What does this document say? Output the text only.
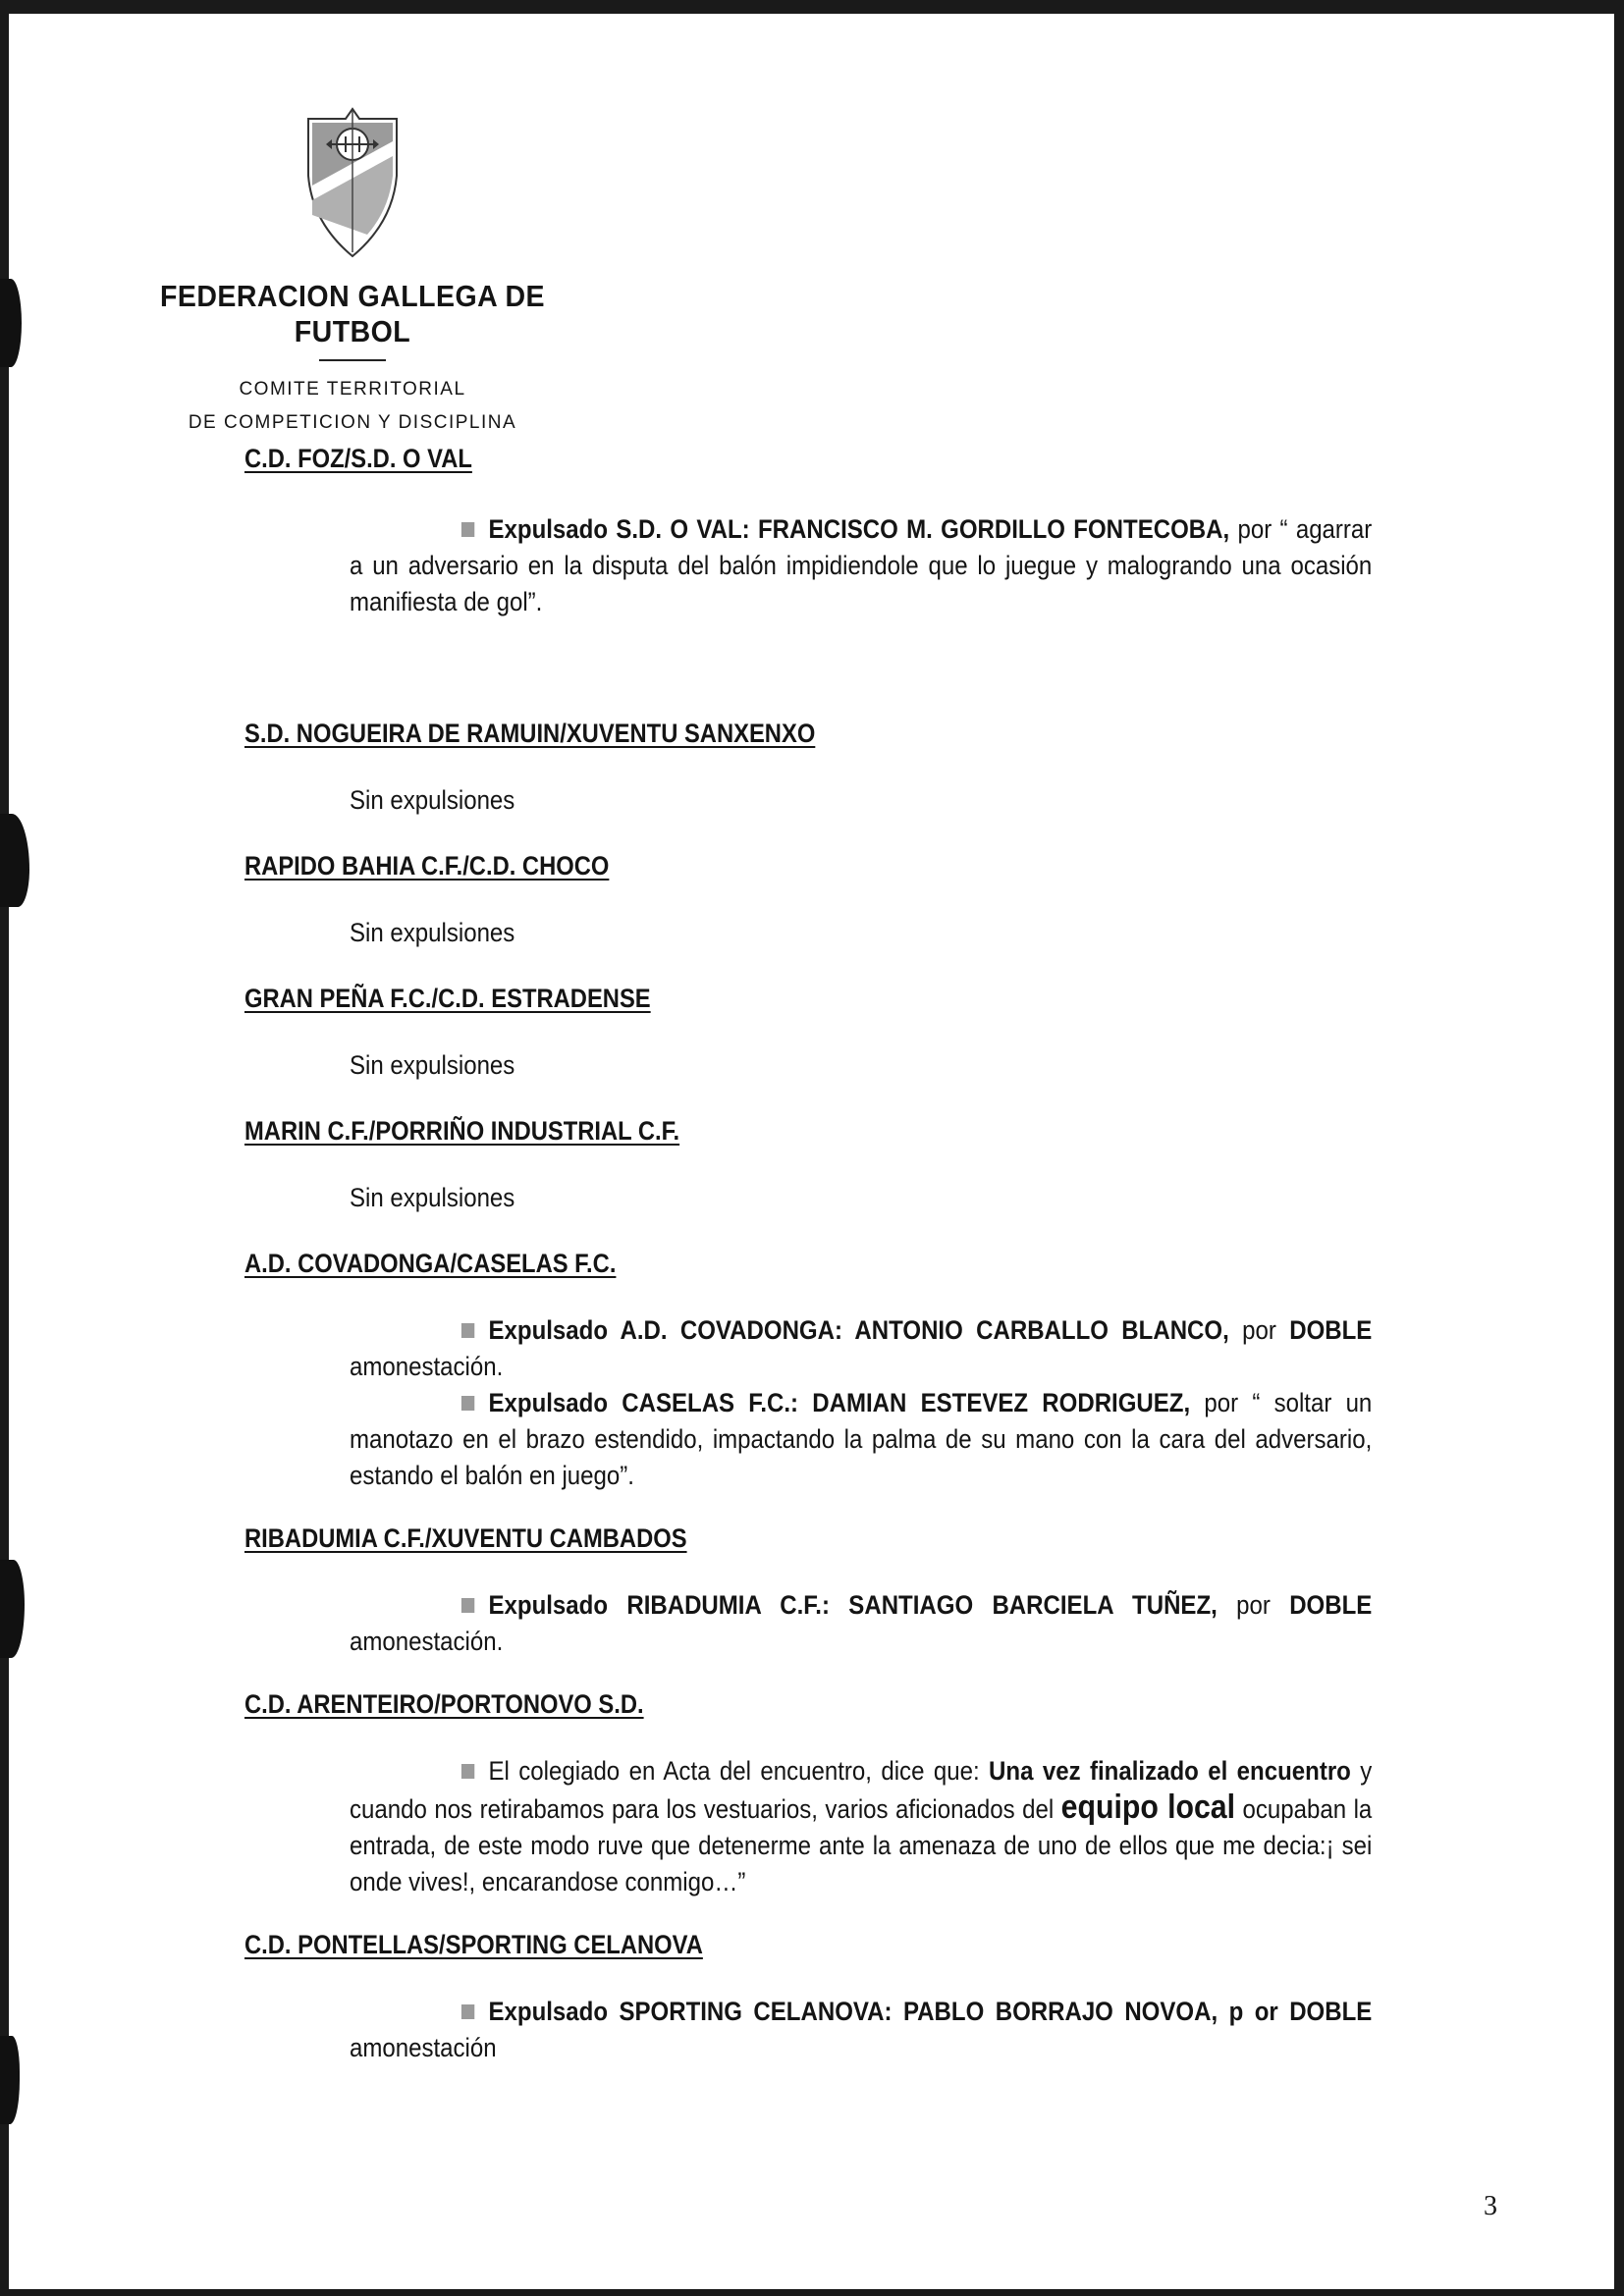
FEDERACION GALLEGA DE FUTBOL
COMITE TERRITORIAL
DE COMPETICION Y DISCIPLINA
C.D. FOZ/S.D. O VAL
Expulsado S.D. O VAL: FRANCISCO M. GORDILLO FONTECOBA, por “ agarrar a un adversario en la disputa del balón impidiendole que lo juegue y malogrando una ocasión manifiesta de gol”.
S.D. NOGUEIRA DE RAMUIN/XUVENTU SANXENXO
Sin expulsiones
RAPIDO BAHIA C.F./C.D. CHOCO
Sin expulsiones
GRAN PEÑA F.C./C.D. ESTRADENSE
Sin expulsiones
MARIN C.F./PORRIÑO INDUSTRIAL C.F.
Sin expulsiones
A.D. COVADONGA/CASELAS F.C.
Expulsado A.D. COVADONGA: ANTONIO CARBALLO BLANCO, por DOBLE amonestación.
Expulsado CASELAS F.C.: DAMIAN ESTEVEZ RODRIGUEZ, por “ soltar un manotazo en el brazo estendido, impactando la palma de su mano con la cara del adversario, estando el balón en juego”.
RIBADUMIA C.F./XUVENTU CAMBADOS
Expulsado RIBADUMIA C.F.: SANTIAGO BARCIELA TUÑEZ, por DOBLE amonestación.
C.D. ARENTEIRO/PORTONOVO S.D.
El colegiado en Acta del encuentro, dice que: Una vez finalizado el encuentro y cuando nos retirabamos para los vestuarios, varios aficionados del equipo local ocupaban la entrada, de este modo ruve que detenerme ante la amenaza de uno de ellos que me decia:¡ sei onde vives!, encarandose conmigo…”
C.D. PONTELLAS/SPORTING CELANOVA
Expulsado SPORTING CELANOVA: PABLO BORRAJO NOVOA, p or DOBLE amonestación
3
